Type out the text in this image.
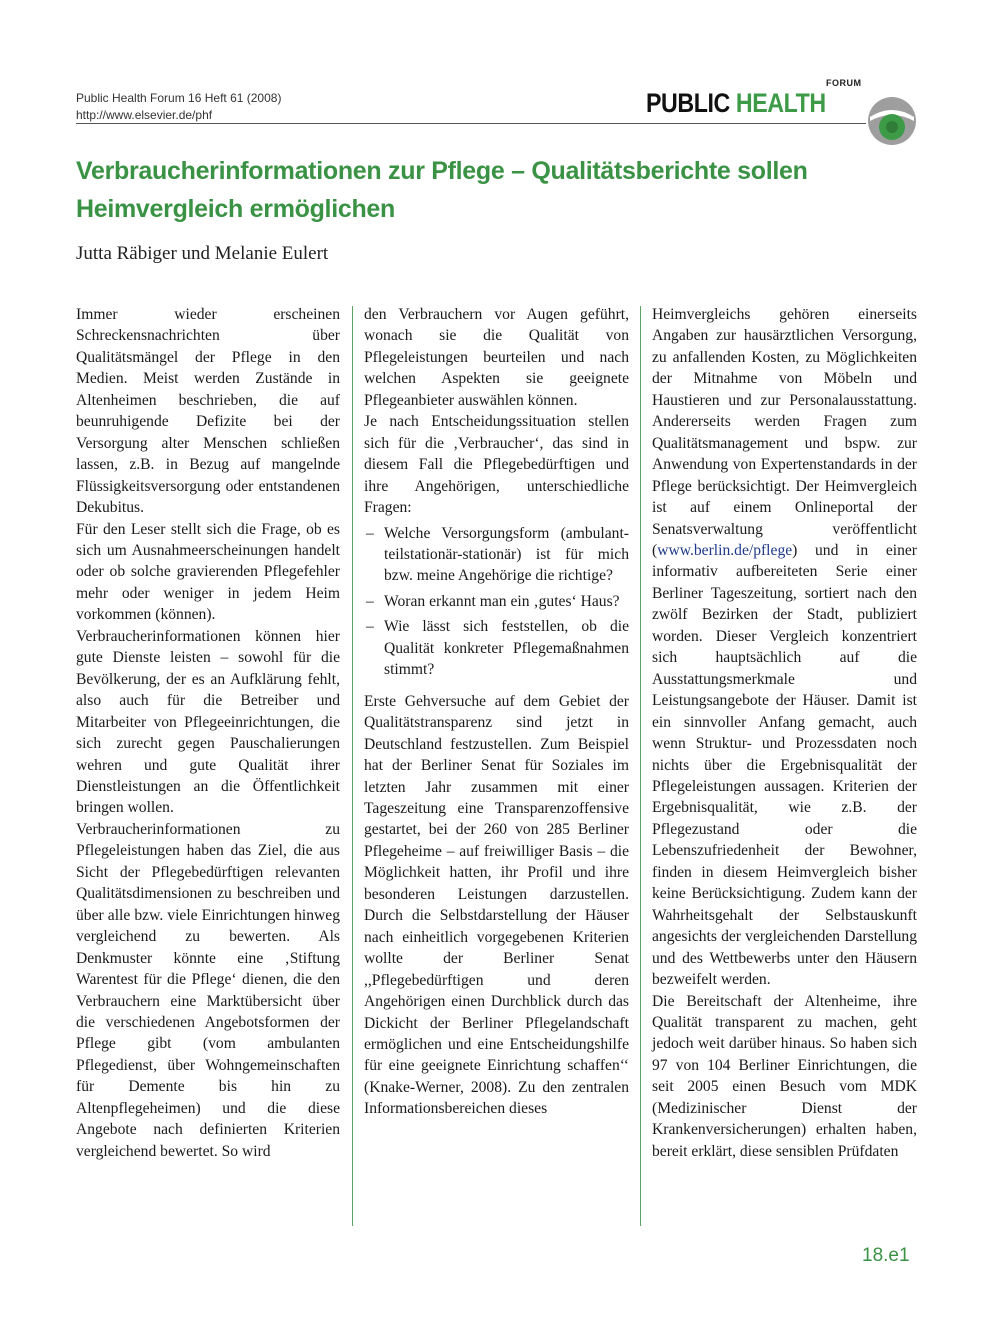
Public Health Forum 16 Heft 61 (2008)
http://www.elsevier.de/phf
FORUM
PUBLIC HEALTH
Verbraucherinformationen zur Pflege – Qualitätsberichte sollen
Heimvergleich ermöglichen
Jutta Räbiger und Melanie Eulert

Immer wieder erscheinen Schreckensnachrichten über Qualitätsmängel der Pflege in den Medien. Meist werden Zustände in Altenheimen beschrieben, die auf beunruhigende Defizite bei der Versorgung alter Menschen schließen lassen, z.B. in Bezug auf mangelnde Flüssigkeitsversorgung oder entstandenen Dekubitus.

Für den Leser stellt sich die Frage, ob es sich um Ausnahmeerscheinungen handelt oder ob solche gravierenden Pflegefehler mehr oder weniger in jedem Heim vorkommen (können).

Verbraucherinformationen können hier gute Dienste leisten – sowohl für die Bevölkerung, der es an Aufklärung fehlt, also auch für die Betreiber und Mitarbeiter von Pflegeeinrichtungen, die sich zurecht gegen Pauschalierungen wehren und gute Qualität ihrer Dienstleistungen an die Öffentlichkeit bringen wollen.

Verbraucherinformationen zu Pflegeleistungen haben das Ziel, die aus Sicht der Pflegebedürftigen relevanten Qualitätsdimensionen zu beschreiben und über alle bzw. viele Einrichtungen hinweg vergleichend zu bewerten. Als Denkmuster könnte eine ‚Stiftung Warentest für die Pflege‘ dienen, die den Verbrauchern eine Marktübersicht über die verschiedenen Angebotsformen der Pflege gibt (vom ambulanten Pflegedienst, über Wohngemeinschaften für Demente bis hin zu Altenpflegeheimen) und die diese Angebote nach definierten Kriterien vergleichend bewertet. So wird

den Verbrauchern vor Augen geführt, wonach sie die Qualität von Pflegeleistungen beurteilen und nach welchen Aspekten sie geeignete Pflegeanbieter auswählen können.

Je nach Entscheidungssituation stellen sich für die ‚Verbraucher‘, das sind in diesem Fall die Pflegebedürftigen und ihre Angehörigen, unterschiedliche Fragen:

– Welche Versorgungsform (ambulant-teilstationär-stationär) ist für mich bzw. meine Angehörige die richtige?
– Woran erkannt man ein ‚gutes‘ Haus?
– Wie lässt sich feststellen, ob die Qualität konkreter Pflegemaßnahmen stimmt?

Erste Gehversuche auf dem Gebiet der Qualitätstransparenz sind jetzt in Deutschland festzustellen. Zum Beispiel hat der Berliner Senat für Soziales im letzten Jahr zusammen mit einer Tageszeitung eine Transparenzoffensive gestartet, bei der 260 von 285 Berliner Pflegeheime – auf freiwilliger Basis – die Möglichkeit hatten, ihr Profil und ihre besonderen Leistungen darzustellen. Durch die Selbstdarstellung der Häuser nach einheitlich vorgegebenen Kriterien wollte der Berliner Senat ,,Pflegebedürftigen und deren Angehörigen einen Durchblick durch das Dickicht der Berliner Pflegelandschaft ermöglichen und eine Entscheidungshilfe für eine geeignete Einrichtung schaffen‘‘ (Knake-Werner, 2008). Zu den zentralen Informationsbereichen dieses

Heimvergleichs gehören einerseits Angaben zur hausärztlichen Versorgung, zu anfallenden Kosten, zu Möglichkeiten der Mitnahme von Möbeln und Haustieren und zur Personalausstattung. Andererseits werden Fragen zum Qualitätsmanagement und bspw. zur Anwendung von Expertenstandards in der Pflege berücksichtigt. Der Heimvergleich ist auf einem Onlineportal der Senatsverwaltung veröffentlicht (www.berlin.de/pflege) und in einer informativ aufbereiteten Serie einer Berliner Tageszeitung, sortiert nach den zwölf Bezirken der Stadt, publiziert worden. Dieser Vergleich konzentriert sich hauptsächlich auf die Ausstattungsmerkmale und Leistungsangebote der Häuser. Damit ist ein sinnvoller Anfang gemacht, auch wenn Struktur- und Prozessdaten noch nichts über die Ergebnisqualität der Pflegeleistungen aussagen. Kriterien der Ergebnisqualität, wie z.B. der Pflegezustand oder die Lebenszufriedenheit der Bewohner, finden in diesem Heimvergleich bisher keine Berücksichtigung. Zudem kann der Wahrheitsgehalt der Selbstauskunft angesichts der vergleichenden Darstellung und des Wettbewerbs unter den Häusern bezweifelt werden.

Die Bereitschaft der Altenheime, ihre Qualität transparent zu machen, geht jedoch weit darüber hinaus. So haben sich 97 von 104 Berliner Einrichtungen, die seit 2005 einen Besuch vom MDK (Medizinischer Dienst der Krankenversicherungen) erhalten haben, bereit erklärt, diese sensiblen Prüfdaten

18.e1
